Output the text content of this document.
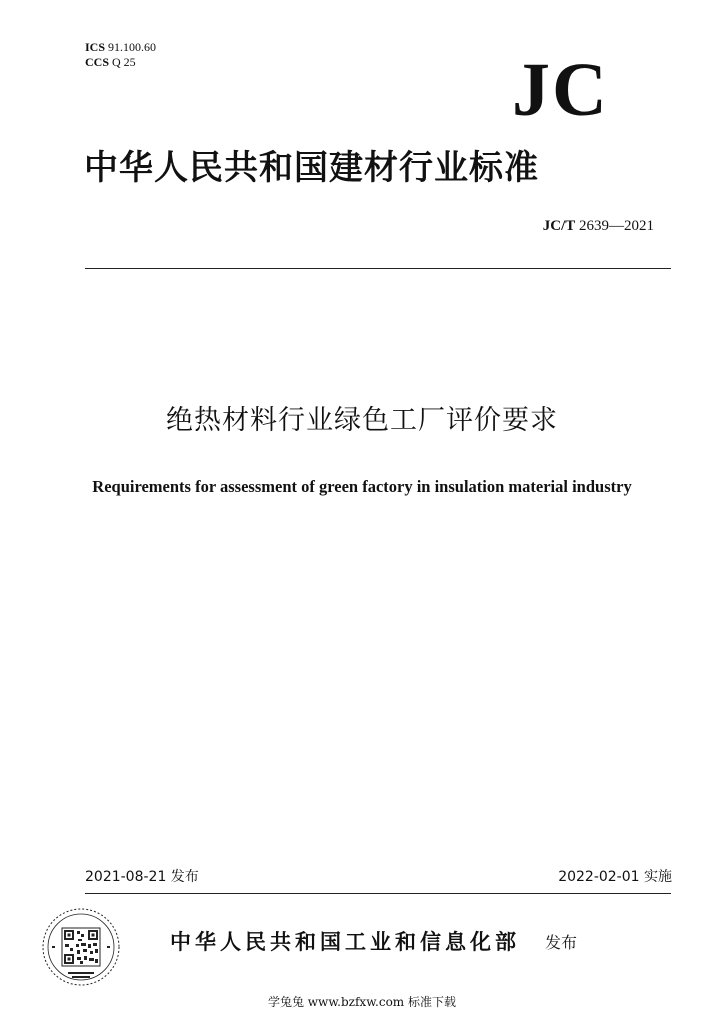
ICS 91.100.60
CCS Q 25	JC
中华人民共和国建材行业标准
JC/T 2639—2021
绝热材料行业绿色工厂评价要求
Requirements for assessment of green factory in insulation material industry
2021-08-21 发布	2022-02-01 实施
中华人民共和国工业和信息化部 发布
学兔兔 www.bzfxw.com 标准下载
